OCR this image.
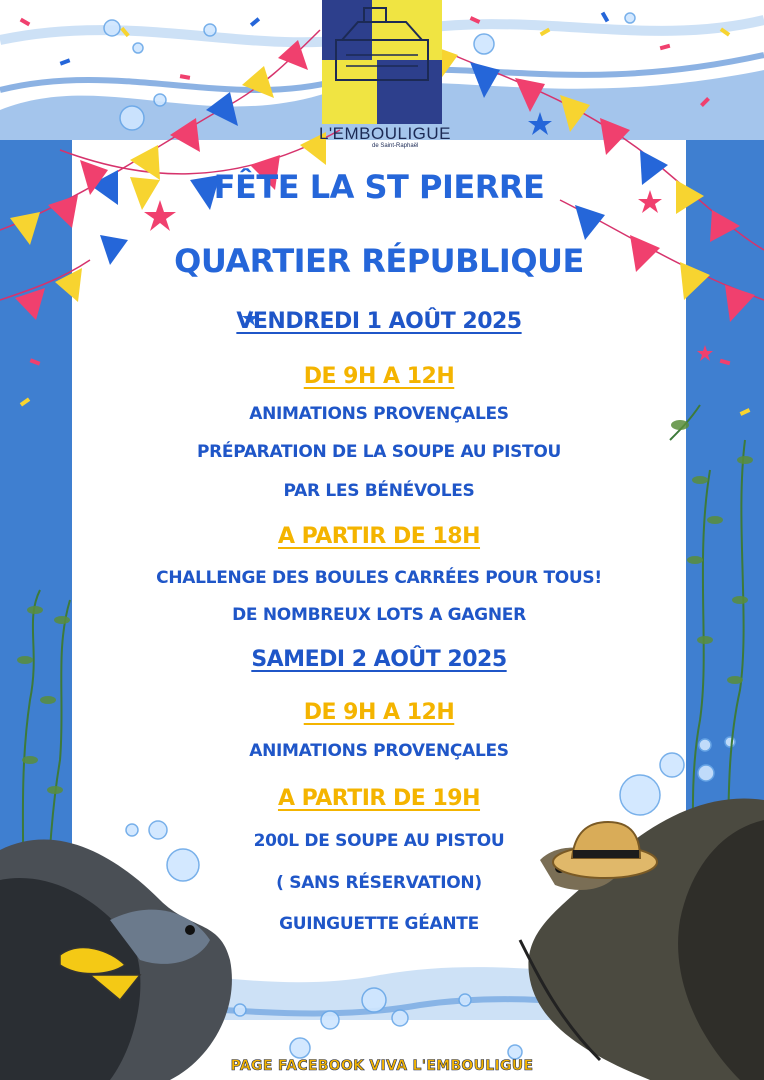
L'EMBOULIGUE
de Saint-Raphaël
FÊTE LA ST PIERRE
QUARTIER RÉPUBLIQUE
VENDREDI 1 AOÛT 2025
DE 9H A 12H
ANIMATIONS PROVENÇALES
PRÉPARATION DE LA SOUPE AU PISTOU
PAR LES BÉNÉVOLES
A PARTIR DE 18H
CHALLENGE DES BOULES CARRÉES POUR TOUS!
DE NOMBREUX LOTS A GAGNER
SAMEDI 2 AOÛT 2025
DE 9H A 12H
ANIMATIONS PROVENÇALES
A PARTIR DE 19H
200L DE SOUPE AU PISTOU
( SANS RÉSERVATION)
GUINGUETTE GÉANTE
PAGE FACEBOOK VIVA L'EMBOULIGUE
